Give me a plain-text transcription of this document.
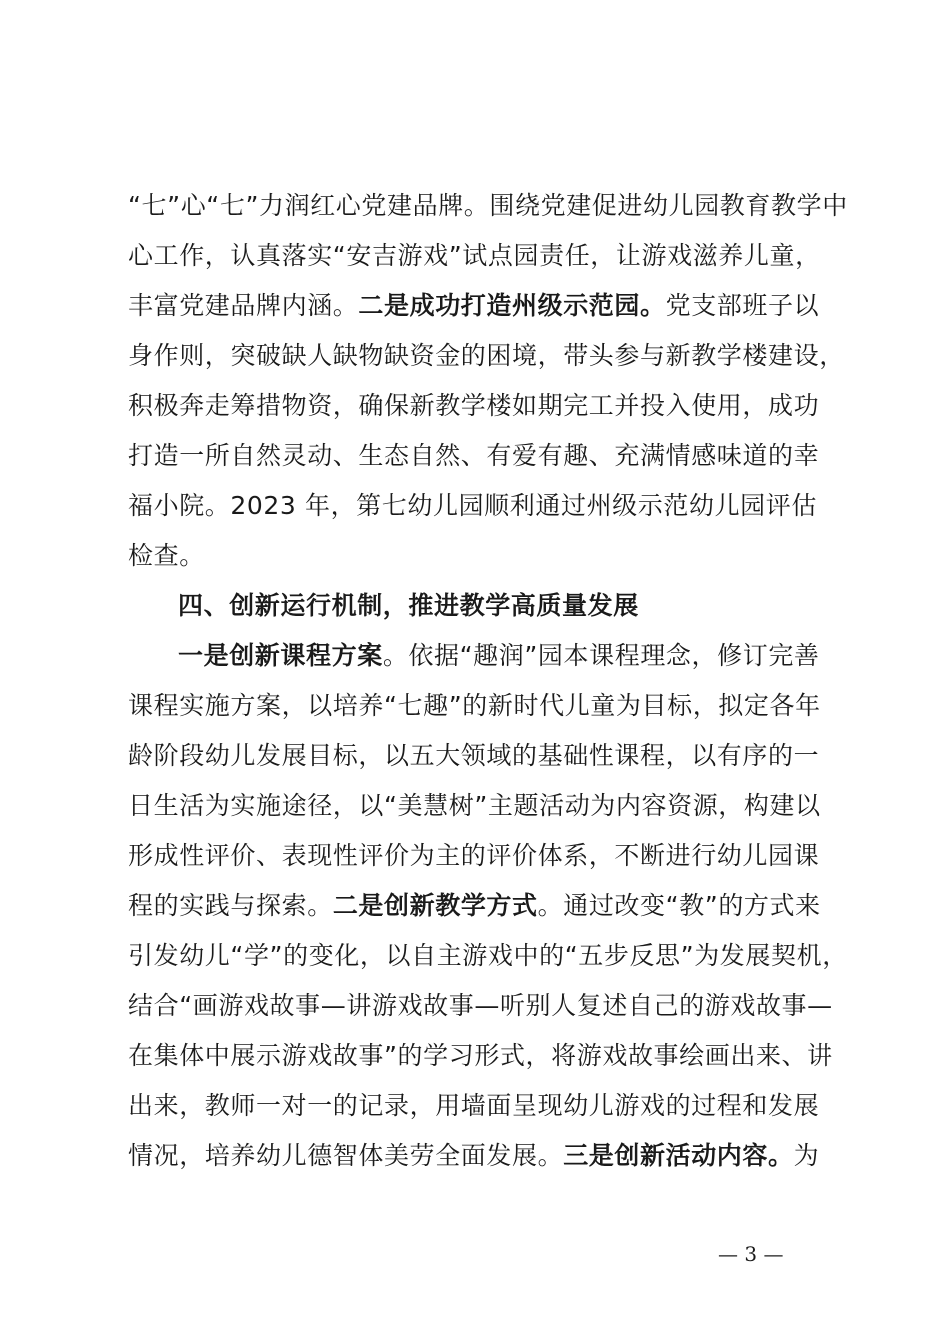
“七”心“七”力润红心党建品牌。围绕党建促进幼儿园教育教学中
心工作，认真落实“安吉游戏”试点园责任，让游戏滋养儿童，
丰富党建品牌内涵。二是成功打造州级示范园。党支部班子以
身作则，突破缺人缺物缺资金的困境，带头参与新教学楼建设，
积极奔走筹措物资，确保新教学楼如期完工并投入使用，成功
打造一所自然灵动、生态自然、有爱有趣、充满情感味道的幸
福小院。2023 年，第七幼儿园顺利通过州级示范幼儿园评估
检查。
四、创新运行机制，推进教学高质量发展
一是创新课程方案。依据“趣润”园本课程理念，修订完善
课程实施方案，以培养“七趣”的新时代儿童为目标，拟定各年
龄阶段幼儿发展目标，以五大领域的基础性课程，以有序的一
日生活为实施途径，以“美慧树”主题活动为内容资源，构建以
形成性评价、表现性评价为主的评价体系，不断进行幼儿园课
程的实践与探索。二是创新教学方式。通过改变“教”的方式来
引发幼儿“学”的变化，以自主游戏中的“五步反思”为发展契机，
结合“画游戏故事—讲游戏故事—听别人复述自己的游戏故事—
在集体中展示游戏故事”的学习形式，将游戏故事绘画出来、讲
出来，教师一对一的记录，用墙面呈现幼儿游戏的过程和发展
情况，培养幼儿德智体美劳全面发展。三是创新活动内容。为
— 3 —
